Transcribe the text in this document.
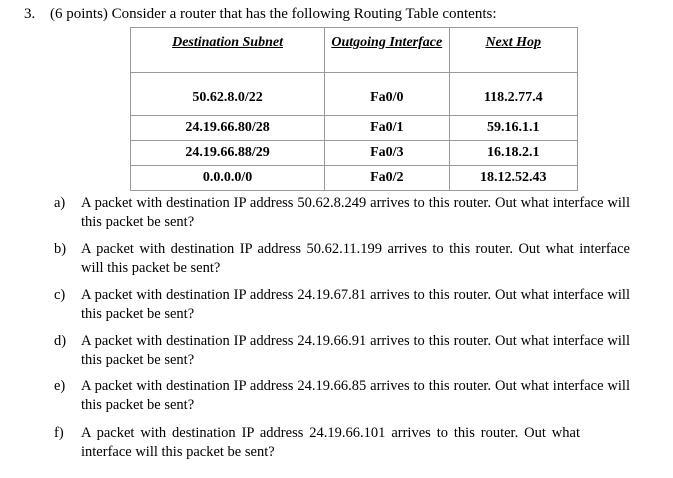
3. (6 points) Consider a router that has the following Routing Table contents:
Destination Subnet	Outgoing Interface	Next Hop
50.62.8.0/22	Fa0/0	118.2.77.4
24.19.66.80/28	Fa0/1	59.16.1.1
24.19.66.88/29	Fa0/3	16.18.2.1
0.0.0.0/0	Fa0/2	18.12.52.43
a) A packet with destination IP address 50.62.8.249 arrives to this router. Out what interface will this packet be sent?
b) A packet with destination IP address 50.62.11.199 arrives to this router. Out what interface will this packet be sent?
c) A packet with destination IP address 24.19.67.81 arrives to this router. Out what interface will this packet be sent?
d) A packet with destination IP address 24.19.66.91 arrives to this router. Out what interface will this packet be sent?
e) A packet with destination IP address 24.19.66.85 arrives to this router. Out what interface will this packet be sent?
f) A packet with destination IP address 24.19.66.101 arrives to this router. Out what interface will this packet be sent?
